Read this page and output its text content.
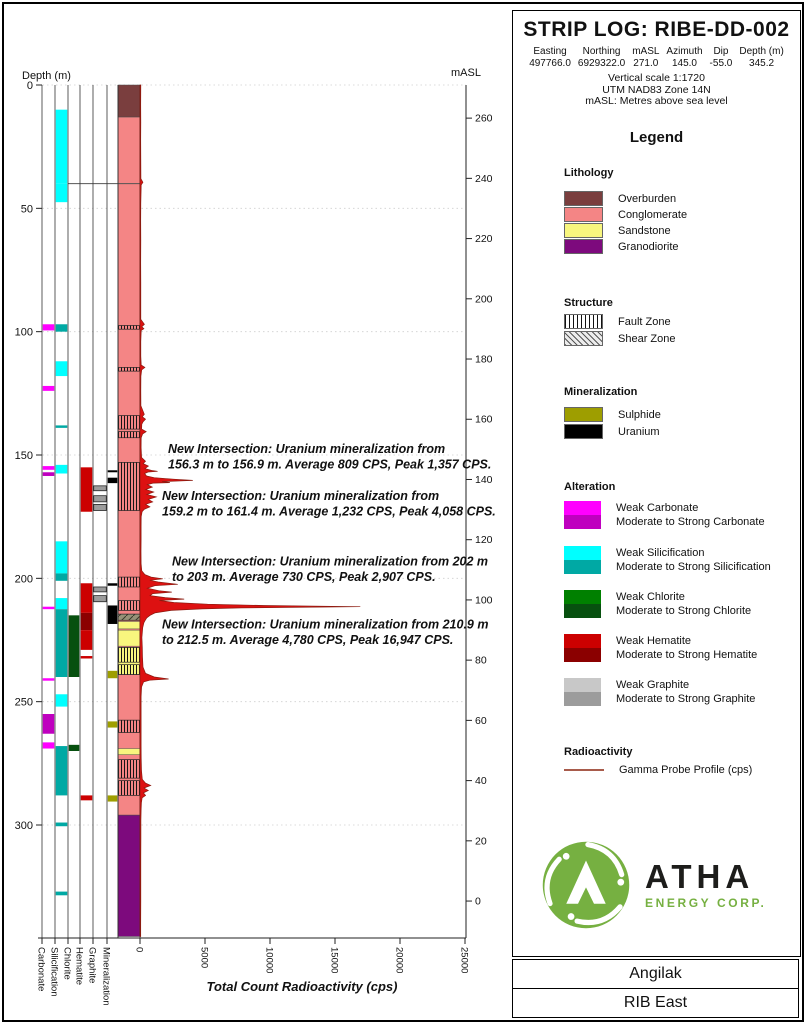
Carbonate Silicification Chlorite Hematite Graphite Mineralization 0	5000	10000	15000	20000	25000
Total Count Radioactivity (cps)
Depth (m)
0
50
100
150
200
250
300
mASL
260
240
220
200
180
160
140
120
100
80
60
40
20
0
New Intersection: Uranium mineralization from 156.3 m to 156.9 m. Average 809 CPS, Peak 1,357 CPS.
New Intersection: Uranium mineralization from 159.2 m to 161.4 m. Average 1,232 CPS, Peak 4,058 CPS.
New Intersection: Uranium mineralization from 202 m to 203 m. Average 730 CPS, Peak 2,907 CPS.
New Intersection: Uranium mineralization from 210.9 m to 212.5 m. Average 4,780 CPS, Peak 16,947 CPS.
STRIP LOG: RIBE-DD-002
Easting
497766.0
Northing
6929322.0
mASL
271.0
Azimuth
145.0
Dip
-55.0
Depth (m)
345.2
Vertical scale 1:1720
UTM NAD83 Zone 14N
mASL: Metres above sea level
Legend
Lithology
Overburden
Conglomerate
Sandstone
Granodiorite
Structure
Fault Zone
Shear Zone
Mineralization
Sulphide
Uranium
Alteration
Weak Carbonate
Moderate to Strong Carbonate
Weak Silicification
Moderate to Strong Silicification
Weak Chlorite
Moderate to Strong Chlorite
Weak Hematite
Moderate to Strong Hematite
Weak Graphite
Moderate to Strong Graphite
Radioactivity
Gamma Probe Profile (cps)
ATHA
ENERGY CORP.
Angilak
RIB East
